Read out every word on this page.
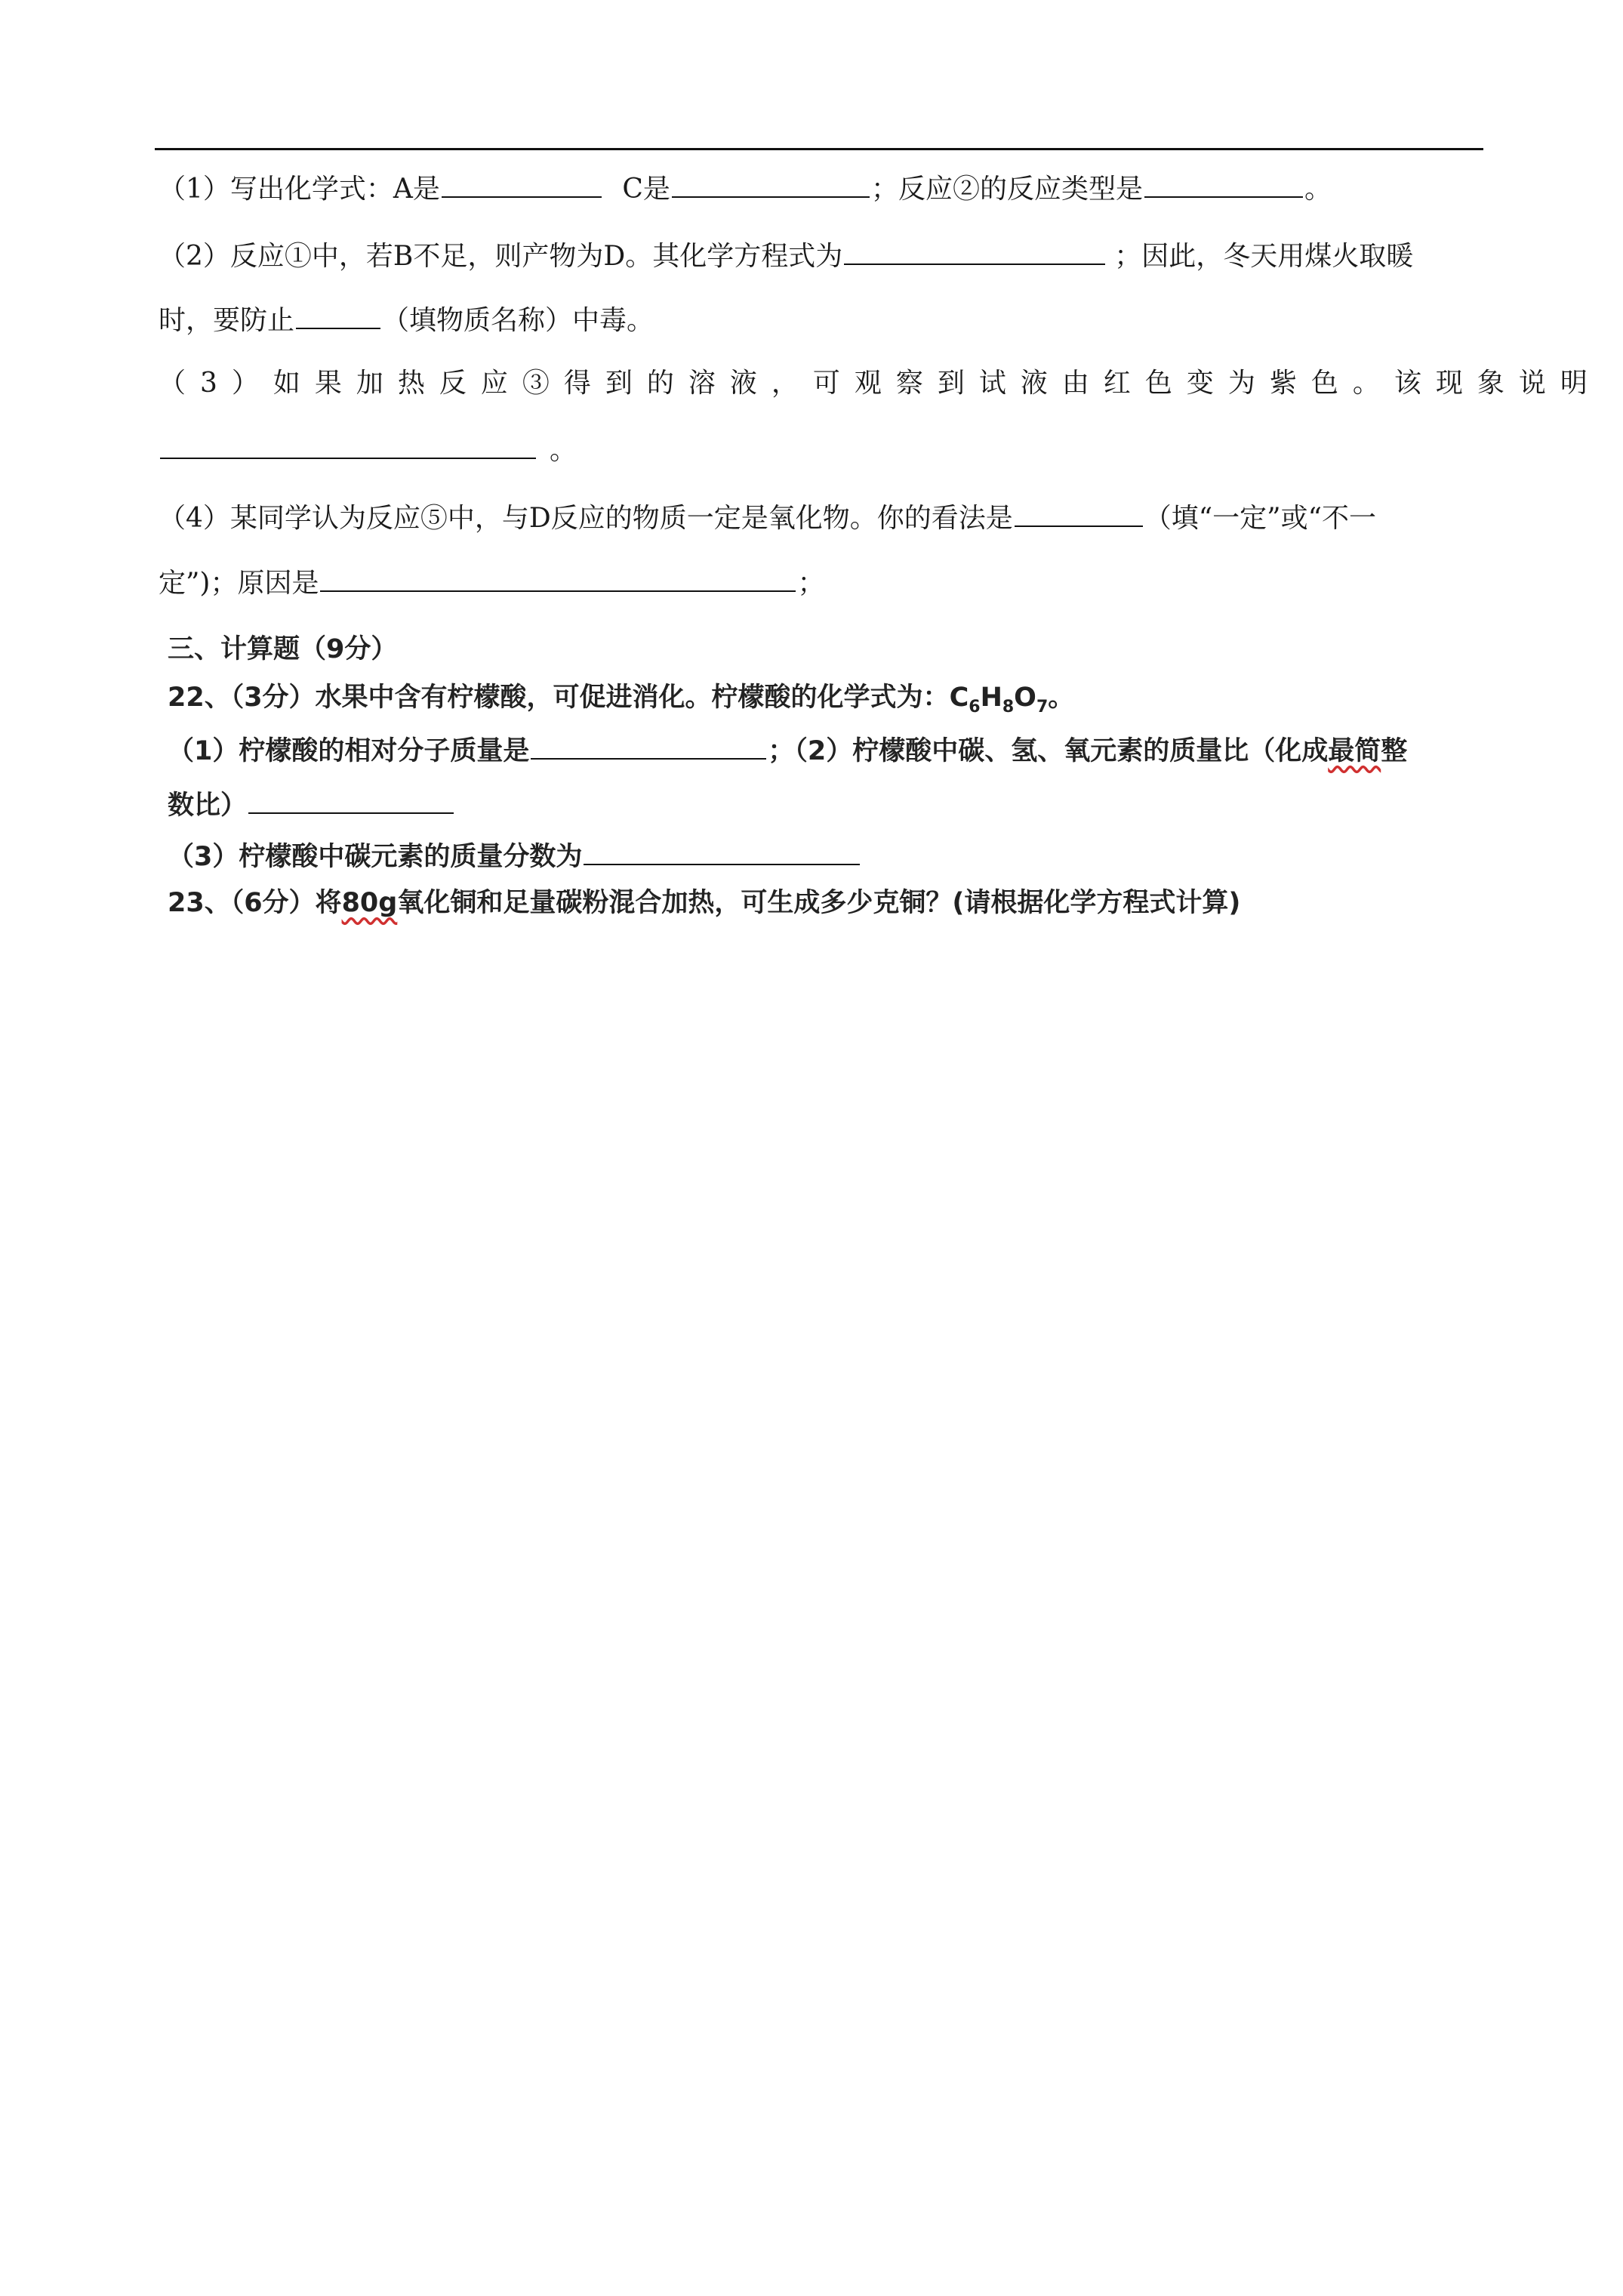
（1）写出化学式：A是	C是	；反应②的反应类型是	。
（2）反应①中，若B不足，则产物为D。其化学方程式为	；因此，冬天用煤火取暖
时，要防止	（填物质名称）中毒。
（3）如果加热反应③得到的溶液，可观察到试液由红色变为紫色。该现象说明
。
（4）某同学认为反应⑤中，与D反应的物质一定是氧化物。你的看法是	（填“一定”或“不一
定”)；原因是	；
三、计算题（9分）
22、（3分）水果中含有柠檬酸，可促进消化。柠檬酸的化学式为：$C_6H_8O_7$。
（1）柠檬酸的相对分子质量是	；（2）柠檬酸中碳、氢、氧元素的质量比（化成最简整
数比）
（3）柠檬酸中碳元素的质量分数为
23、（6分）将80g氧化铜和足量碳粉混合加热，可生成多少克铜？(请根据化学方程式计算)
